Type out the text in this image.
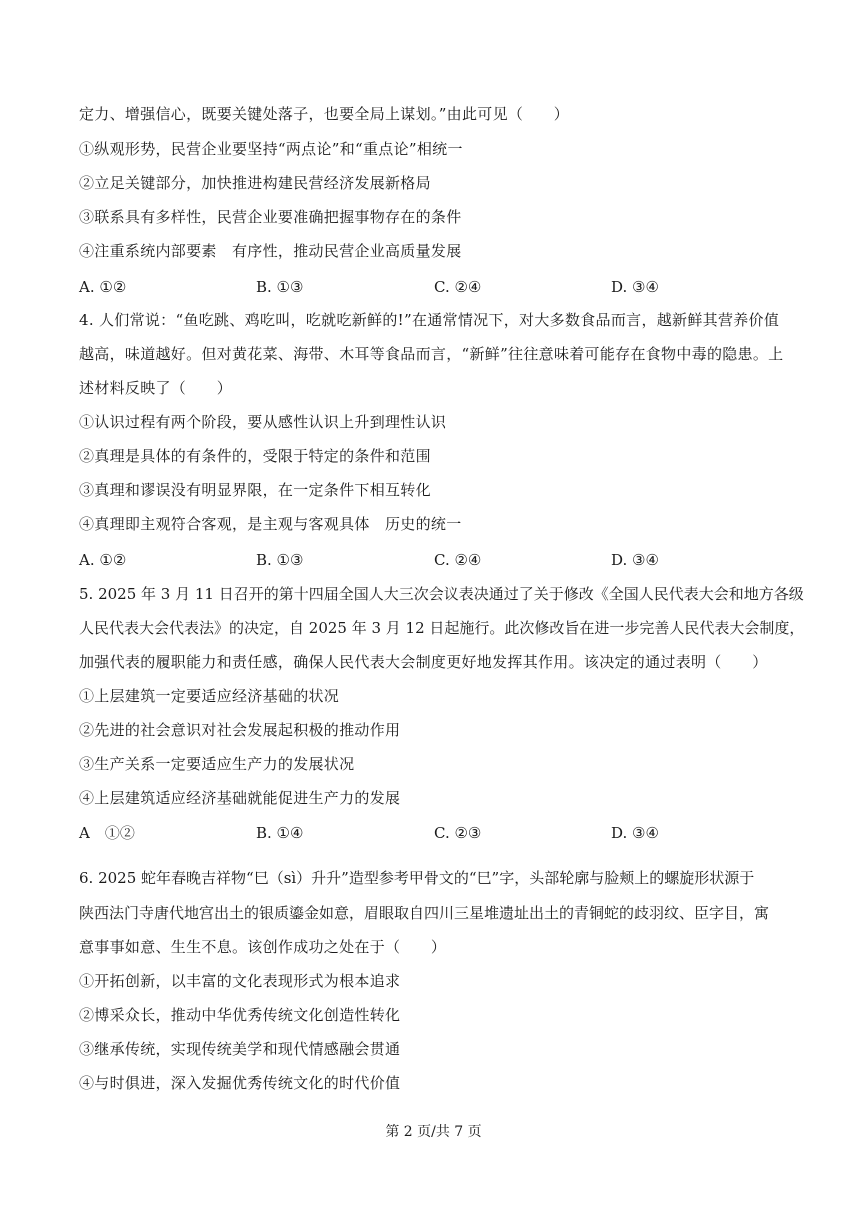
定力、增强信心，既要关键处落子，也要全局上谋划。”由此可见（　　）
①纵观形势，民营企业要坚持“两点论”和“重点论”相统一
②立足关键部分，加快推进构建民营经济发展新格局
③联系具有多样性，民营企业要准确把握事物存在的条件
④注重系统内部要素　有序性，推动民营企业高质量发展
A. ①②	B. ①③	C. ②④	D. ③④
4. 人们常说：“鱼吃跳、鸡吃叫，吃就吃新鲜的!”在通常情况下，对大多数食品而言，越新鲜其营养价值
越高，味道越好。但对黄花菜、海带、木耳等食品而言，“新鲜”往往意味着可能存在食物中毒的隐患。上
述材料反映了（　　）
①认识过程有两个阶段，要从感性认识上升到理性认识
②真理是具体的有条件的，受限于特定的条件和范围
③真理和谬误没有明显界限，在一定条件下相互转化
④真理即主观符合客观，是主观与客观具体　历史的统一
A. ①②	B. ①③	C. ②④	D. ③④
5. 2025 年 3 月 11 日召开的第十四届全国人大三次会议表决通过了关于修改《全国人民代表大会和地方各级
人民代表大会代表法》的决定，自 2025 年 3 月 12 日起施行。此次修改旨在进一步完善人民代表大会制度，
加强代表的履职能力和责任感，确保人民代表大会制度更好地发挥其作用。该决定的通过表明（　　）
①上层建筑一定要适应经济基础的状况
②先进的社会意识对社会发展起积极的推动作用
③生产关系一定要适应生产力的发展状况
④上层建筑适应经济基础就能促进生产力的发展
A　①②	B. ①④	C. ②③	D. ③④
6. 2025 蛇年春晚吉祥物“巳（sì）升升”造型参考甲骨文的“巳”字，头部轮廓与脸颊上的螺旋形状源于
陕西法门寺唐代地宫出土的银质鎏金如意，眉眼取自四川三星堆遗址出土的青铜蛇的歧羽纹、臣字目，寓
意事事如意、生生不息。该创作成功之处在于（　　）
①开拓创新，以丰富的文化表现形式为根本追求
②博采众长，推动中华优秀传统文化创造性转化
③继承传统，实现传统美学和现代情感融会贯通
④与时俱进，深入发掘优秀传统文化的时代价值
第 2 页/共 7 页
